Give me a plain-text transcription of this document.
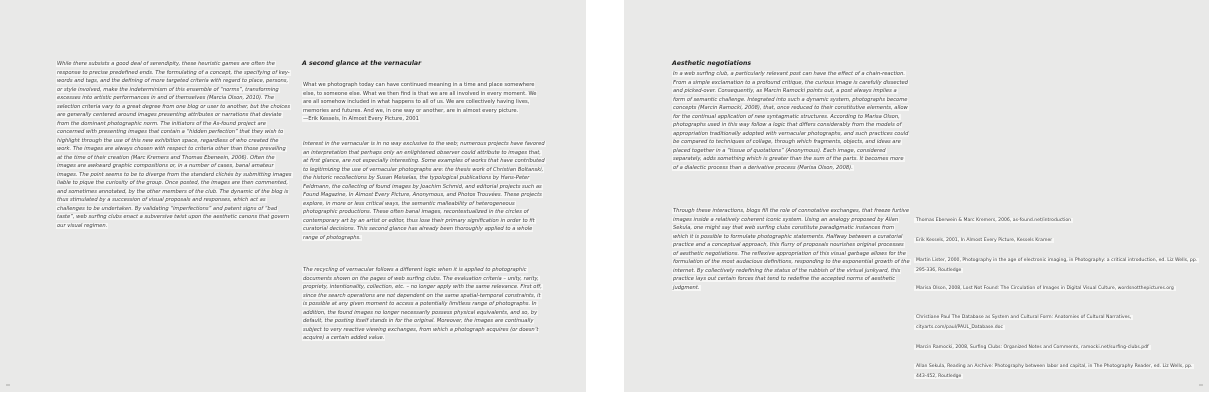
While there subsists a good deal of serendipity, these heuristic games are often the response to precise predefined ends. The formulating of a concept, the specifying of key-words and tags, and the defining of more targeted criteria with regard to place, persons, or style involved, make the indeterminism of this ensemble of “norms”, transforming excesses into artistic performances in and of themselves (Marcia Olson, 2010). The selection criteria vary to a great degree from one blog or user to another, but the choices are generally centered around images presenting attributes or narrations that deviate from the dominant photographic norm. The initiators of the As-found project are concerned with presenting images that contain a “hidden perfection” that they wish to highlight through the use of this new exhibition space, regardless of who created the work. The images are always chosen with respect to criteria other than those prevailing at the time of their creation (Marc Kremers and Thomas Eberwein, 2006). Often the images are awkward graphic compositions or, in a number of cases, banal amateur images. The point seems to be to diverge from the standard clichés by submitting images liable to pique the curiosity of the group. Once posted, the images are then commented, and sometimes annotated, by the other members of the club. The dynamic of the blog is thus stimulated by a succession of visual proposals and responses, which act as challenges to be undertaken. By validating “imperfections” and patent signs of “bad taste”, web surfing clubs enact a subversive twist upon the aesthetic canons that govern our visual regimen.
A second glance at the vernacular
What we photograph today can have continued meaning in a time and place somewhere else, to someone else. What we then find is that we are all involved in every moment. We are all somehow included in what happens to all of us. We are collectively having lives, memories and futures. And we, in one way or another, are in almost every picture.
—Erik Kessels, In Almost Every Picture, 2001
Interest in the vernacular is in no way exclusive to the web; numerous projects have favored an interpretation that perhaps only an enlightened observer could attribute to images that, at first glance, are not especially interesting. Some examples of works that have contributed to legitimizing the use of vernacular photographs are: the thesis work of Christian Boltanski, the historic recollections by Susan Meiselas, the typological publications by Hans-Peter Feldmann, the collecting of found images by Joachim Schmid, and editorial projects such as Found Magazine, In Almost Every Picture, Anonymous, and Photos Trouvées. These projects explore, in more or less critical ways, the semantic malleability of heterogeneous photographic productions. These often banal images, recontextualized in the circles of contemporary art by an artist or editor, thus lose their primary signification in order to fit curatorial decisions. This second glance has already been thoroughly applied to a whole range of photographs.
The recycling of vernacular follows a different logic when it is applied to photographic documents shown on the pages of web surfing clubs. The evaluation criteria – unity, rarity, propriety, intentionality, collection, etc. – no longer apply with the same relevance. First off, since the search operations are not dependent on the same spatial-temporal constraints, it is possible at any given moment to access a potentially limitless range of photographs. In addition, the found images no longer necessarily possess physical equivalents, and so, by default, the posting itself stands in for the original. Moreover, the images are continually subject to very reactive viewing exchanges, from which a photograph acquires (or doesn’t acquire) a certain added value.
Aesthetic negotiations
In a web surfing club, a particularly relevant post can have the effect of a chain-reaction. From a simple exclamation to a profound critique, the curious image is carefully dissected and picked-over. Consequently, as Marcin Ramocki points out, a post always implies a form of semantic challenge. Integrated into such a dynamic system, photographs become concepts (Marcin Ramocki, 2008), that, once reduced to their constitutive elements, allow for the continual application of new syntagmatic structures. According to Marisa Olson, photographs used in this way follow a logic that differs considerably from the models of appropriation traditionally adopted with vernacular photographs, and such practices could be compared to techniques of collage, through which fragments, objects, and ideas are placed together in a “tissue of quotations” (Anonymous). Each image, considered separately, adds something which is greater than the sum of the parts. It becomes more of a dialectic process than a derivative process (Marisa Olson, 2008).
Through these interactions, blogs fill the role of connotative exchanges, that freeze furtive images inside a relatively coherent iconic system. Using an analogy proposed by Allan Sekula, one might say that web surfing clubs constitute paradigmatic instances from which it is possible to formulate photographic statements. Halfway between a curatorial practice and a conceptual approach, this flurry of proposals nourishes original processes of aesthetic negotiations. The reflexive appropriation of this visual garbage allows for the formulation of the most audacious definitions, responding to the exponential growth of the internet. By collectively redefining the status of the rubbish of the virtual junkyard, this practice lays out certain forces that tend to redefine the accepted norms of aesthetic judgment.
Thomas Eberwein & Marc Kremers, 2006, as-found.net/introduction
Erik Kessels, 2001, In Almost Every Picture, Kessels Kramer
Martin Lister, 2000, Photography in the age of electronic imaging, in Photography: a critical introduction, ed. Liz Wells, pp. 295-336, Routledge
Marisa Olson, 2008, Lost Not Found: The Circulation of Images in Digital Visual Culture, wordsnotthepictures.org
Christiane Paul The Database as System and Cultural Form: Anatomies of Cultural Narratives, cityarts.com/paul/PAUL_Database.doc
Marcin Ramocki, 2008, Surfing Clubs: Organized Notes and Comments, ramocki.net/surfing-clubs.pdf
Allan Sekula, Reading an Archive: Photography between labor and capital, in The Photography Reader, ed. Liz Wells, pp. 443-452, Routledge
